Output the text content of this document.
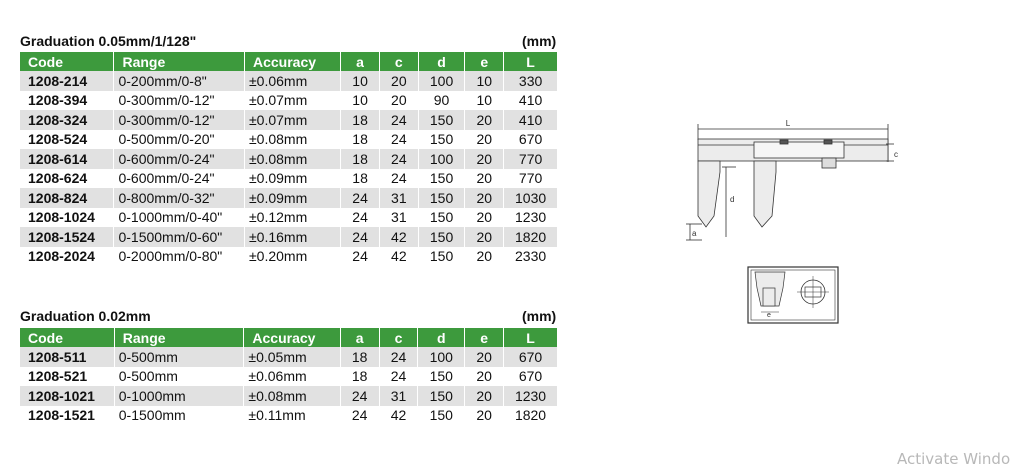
Graduation 0.05mm/1/128"	(mm)
Code	Range	Accuracy	a	c	d	e	L
1208-214	0-200mm/0-8"	±0.06mm	10	20	100	10	330
1208-394	0-300mm/0-12"	±0.07mm	10	20	90	10	410
1208-324	0-300mm/0-12"	±0.07mm	18	24	150	20	410
1208-524	0-500mm/0-20"	±0.08mm	18	24	150	20	670
1208-614	0-600mm/0-24"	±0.08mm	18	24	100	20	770
1208-624	0-600mm/0-24"	±0.09mm	18	24	150	20	770
1208-824	0-800mm/0-32"	±0.09mm	24	31	150	20	1030
1208-1024	0-1000mm/0-40"	±0.12mm	24	31	150	20	1230
1208-1524	0-1500mm/0-60"	±0.16mm	24	42	150	20	1820
1208-2024	0-2000mm/0-80"	±0.20mm	24	42	150	20	2330
Graduation 0.02mm	(mm)
Code	Range	Accuracy	a	c	d	e	L
1208-511	0-500mm	±0.05mm	18	24	100	20	670
1208-521	0-500mm	±0.06mm	18	24	150	20	670
1208-1021	0-1000mm	±0.08mm	24	31	150	20	1230
1208-1521	0-1500mm	±0.11mm	24	42	150	20	1820
L
c
d
a
e
Activate Windo
